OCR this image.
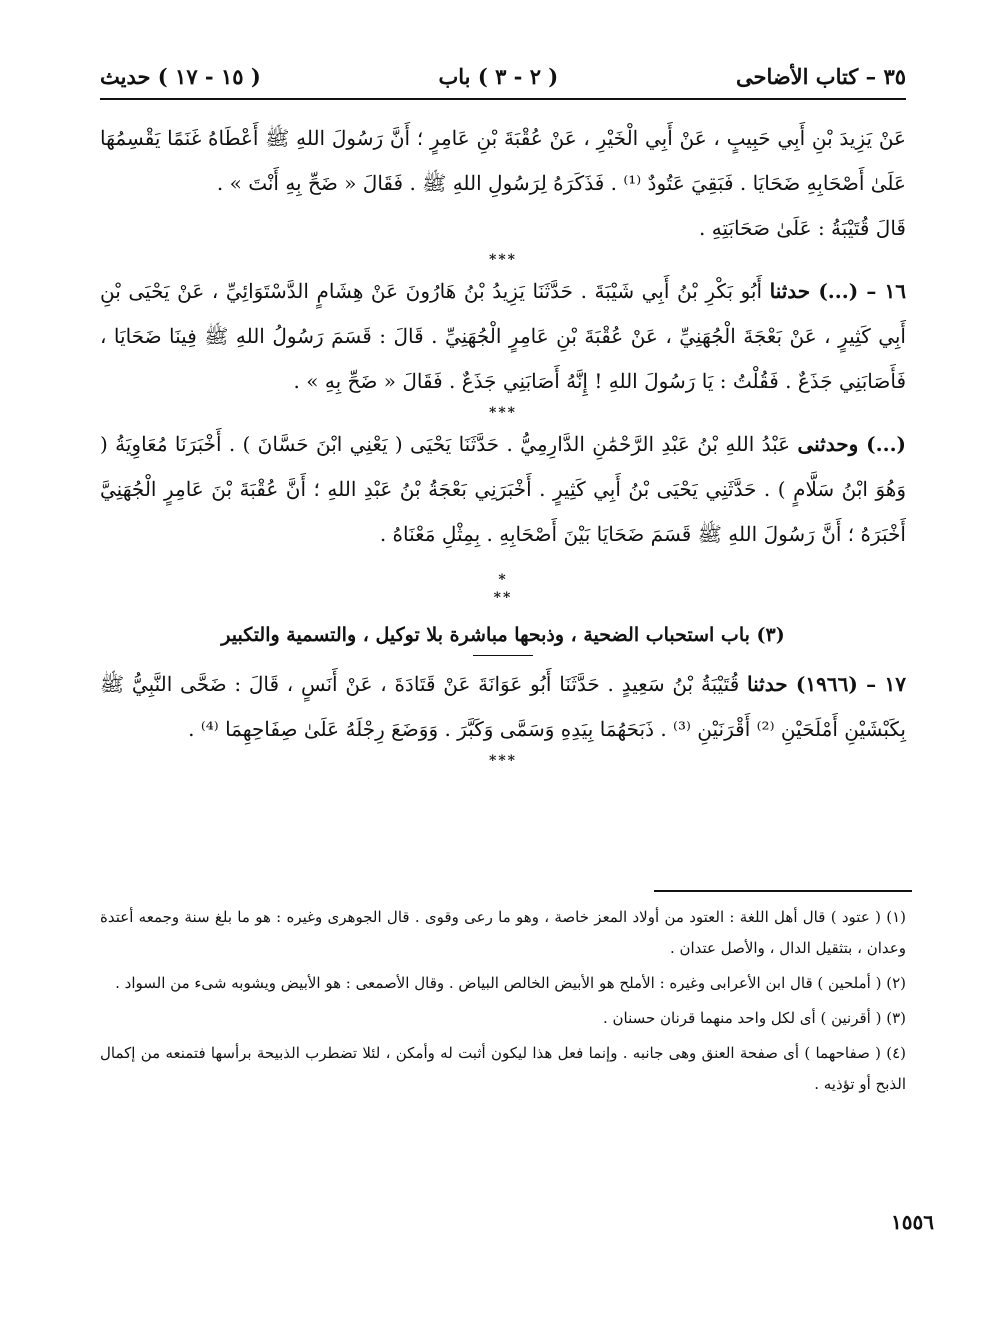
٣٥ – كتاب الأضاحى
( ٢ - ٣ ) باب
( ١٥ - ١٧ ) حديث

عَنْ يَزِيدَ بْنِ أَبِي حَبِيبٍ ، عَنْ أَبِي الْخَيْرِ ، عَنْ عُقْبَةَ بْنِ عَامِرٍ ؛ أَنَّ رَسُولَ اللهِ ﷺ أَعْطَاهُ غَنَمًا يَقْسِمُهَا عَلَىٰ أَصْحَابِهِ ضَحَايَا . فَبَقِيَ عَتُودٌ ⁽¹⁾ . فَذَكَرَهُ لِرَسُولِ اللهِ ﷺ . فَقَالَ « ضَحِّ بِهِ أَنْتَ » .

قَالَ قُتَيْبَةُ : عَلَىٰ صَحَابَتِهِ .

***

١٦ – (...) حدثنا أَبُو بَكْرِ بْنُ أَبِي شَيْبَةَ . حَدَّثَنَا يَزِيدُ بْنُ هَارُونَ عَنْ هِشَامٍ الدَّسْتَوَائِيِّ ، عَنْ يَحْيَى بْنِ أَبِي كَثِيرٍ ، عَنْ بَعْجَةَ الْجُهَنِيِّ ، عَنْ عُقْبَةَ بْنِ عَامِرٍ الْجُهَنِيِّ . قَالَ : قَسَمَ رَسُولُ اللهِ ﷺ فِينَا ضَحَايَا ، فَأَصَابَنِي جَذَعٌ . فَقُلْتُ : يَا رَسُولَ اللهِ ! إِنَّهُ أَصَابَنِي جَذَعٌ . فَقَالَ « ضَحِّ بِهِ » .

***

(...) وحدثنى عَبْدُ اللهِ بْنُ عَبْدِ الرَّحْمَٰنِ الدَّارِمِيُّ . حَدَّثَنَا يَحْيَى ( يَعْنِي ابْنَ حَسَّانَ ) . أَخْبَرَنَا مُعَاوِيَةُ ( وَهُوَ ابْنُ سَلَّامٍ ) . حَدَّثَنِي يَحْيَى بْنُ أَبِي كَثِيرٍ . أَخْبَرَنِي بَعْجَةُ بْنُ عَبْدِ اللهِ ؛ أَنَّ عُقْبَةَ بْنَ عَامِرٍ الْجُهَنِيَّ أَخْبَرَهُ ؛ أَنَّ رَسُولَ اللهِ ﷺ قَسَمَ ضَحَايَا بَيْنَ أَصْحَابِهِ . بِمِثْلِ مَعْنَاهُ .

*
**

(٣) باب استحباب الضحية ، وذبحها مباشرة بلا توكيل ، والتسمية والتكبير

١٧ – (١٩٦٦) حدثنا قُتَيْبَةُ بْنُ سَعِيدٍ . حَدَّثَنَا أَبُو عَوَانَةَ عَنْ قَتَادَةَ ، عَنْ أَنَسٍ ، قَالَ : ضَحَّى النَّبِيُّ ﷺ بِكَبْشَيْنِ أَمْلَحَيْنِ ⁽²⁾ أَقْرَنَيْنِ ⁽³⁾ . ذَبَحَهُمَا بِيَدِهِ وَسَمَّى وَكَبَّرَ . وَوَضَعَ رِجْلَهُ عَلَىٰ صِفَاحِهِمَا ⁽⁴⁾ .

***

(١) ( عتود ) قال أهل اللغة : العتود من أولاد المعز خاصة ، وهو ما رعى وقوى . قال الجوهرى وغيره : هو ما بلغ سنة وجمعه أعتدة وعدان ، بتثقيل الدال ، والأصل عتدان .

(٢) ( أملحين ) قال ابن الأعرابى وغيره : الأملح هو الأبيض الخالص البياض . وقال الأصمعى : هو الأبيض ويشوبه شىء من السواد .

(٣) ( أقرنين ) أى لكل واحد منهما قرنان حسنان .

(٤) ( صفاحهما ) أى صفحة العنق وهى جانبه . وإنما فعل هذا ليكون أثبت له وأمكن ، لئلا تضطرب الذبيحة برأسها فتمنعه من إكمال الذبح أو تؤذيه .

١٥٥٦
